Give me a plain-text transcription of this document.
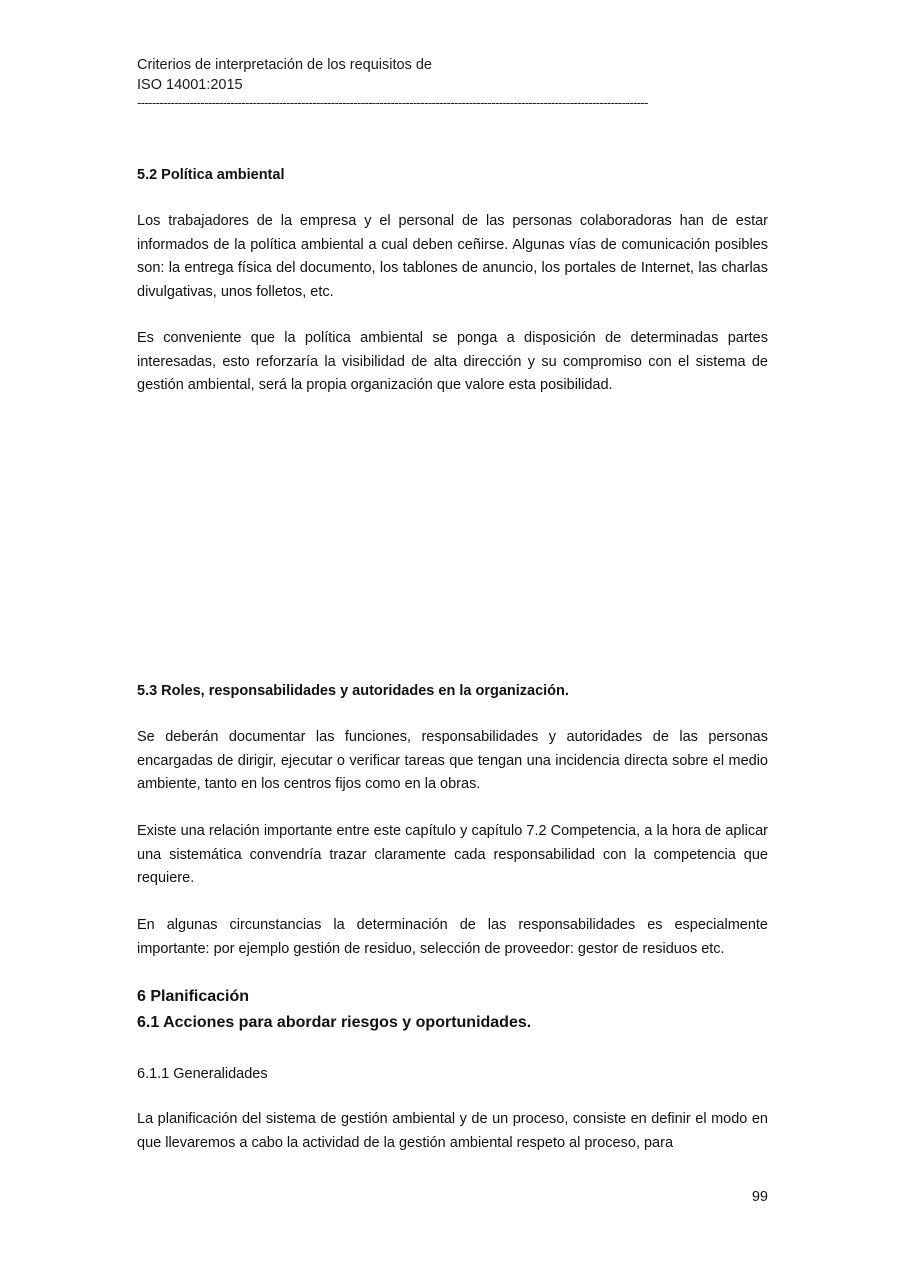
Criterios de interpretación de los requisitos de
ISO 14001:2015
-----------------------------------------------------------------------------------------------------------------------------------------
5.2 Política ambiental

Los trabajadores de la empresa y el personal de las personas colaboradoras han de estar informados de la política ambiental a cual deben ceñirse. Algunas vías de comunicación posibles son: la entrega física del documento, los tablones de anuncio, los portales de Internet, las charlas divulgativas, unos folletos, etc.

Es conveniente que la política ambiental se ponga a disposición de determinadas partes interesadas, esto reforzaría la visibilidad de alta dirección y su compromiso con el sistema de gestión ambiental, será la propia organización que valore esta posibilidad.

5.3 Roles, responsabilidades y autoridades en la organización.

Se deberán documentar las funciones, responsabilidades y autoridades de las personas encargadas de dirigir, ejecutar o verificar tareas que tengan una incidencia directa sobre el medio ambiente, tanto en los centros fijos como en la obras.

Existe una relación importante entre este capítulo y capítulo 7.2 Competencia, a la hora de aplicar una sistemática convendría trazar claramente cada responsabilidad con la competencia que requiere.

En algunas circunstancias la determinación de las responsabilidades es especialmente importante: por ejemplo gestión de residuo, selección de proveedor: gestor de residuos etc.

6 Planificación
6.1 Acciones para abordar riesgos y oportunidades.
6.1.1 Generalidades

La planificación del sistema de gestión ambiental y de un proceso, consiste en definir el modo en que llevaremos a cabo la actividad de la gestión ambiental respeto al proceso, para

99
